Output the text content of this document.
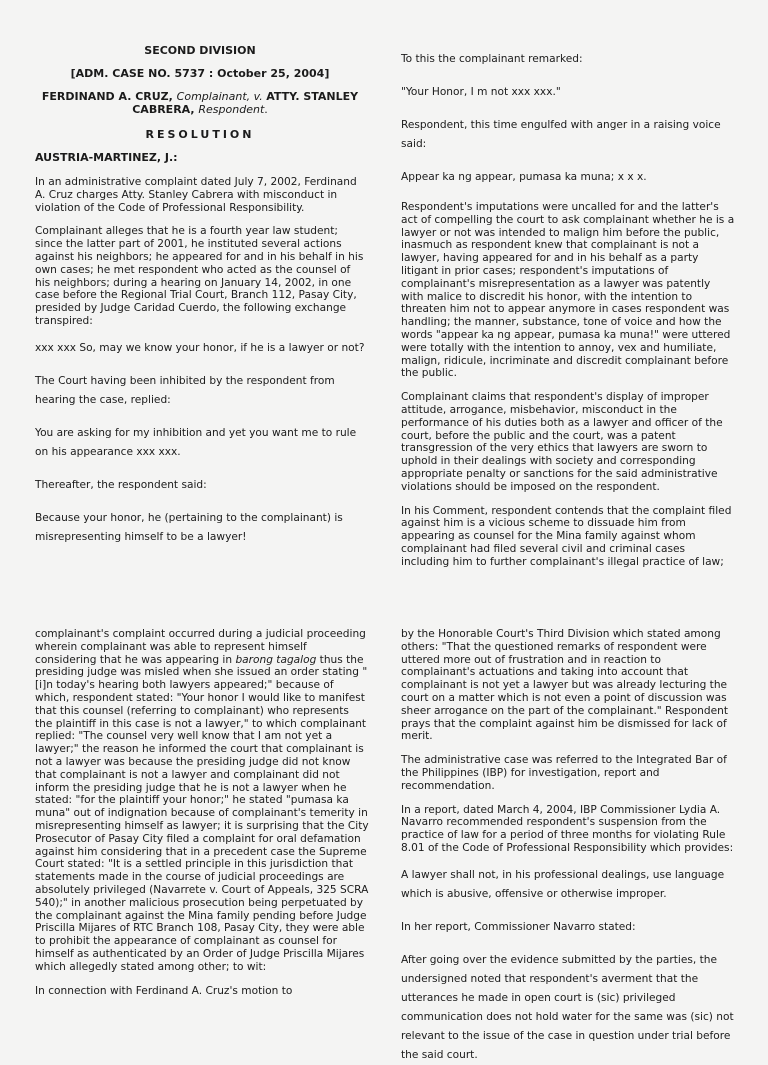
SECOND DIVISION
[ADM. CASE NO. 5737 : October 25, 2004]
FERDINAND A. CRUZ, Complainant, v. ATTY. STANLEY CABRERA, Respondent.
RESOLUTION
AUSTRIA-MARTINEZ, J.:

In an administrative complaint dated July 7, 2002, Ferdinand A. Cruz charges Atty. Stanley Cabrera with misconduct in violation of the Code of Professional Responsibility.

Complainant alleges that he is a fourth year law student; since the latter part of 2001, he instituted several actions against his neighbors; he appeared for and in his behalf in his own cases; he met respondent who acted as the counsel of his neighbors; during a hearing on January 14, 2002, in one case before the Regional Trial Court, Branch 112, Pasay City, presided by Judge Caridad Cuerdo, the following exchange transpired:

xxx xxx So, may we know your honor, if he is a lawyer or not?

The Court having been inhibited by the respondent from hearing the case, replied:

You are asking for my inhibition and yet you want me to rule on his appearance xxx xxx.

Thereafter, the respondent said:

Because your honor, he (pertaining to the complainant) is misrepresenting himself to be a lawyer!

To this the complainant remarked:

"Your Honor, I m not xxx xxx."

Respondent, this time engulfed with anger in a raising voice said:

Appear ka ng appear, pumasa ka muna; x x x.

Respondent's imputations were uncalled for and the latter's act of compelling the court to ask complainant whether he is a lawyer or not was intended to malign him before the public, inasmuch as respondent knew that complainant is not a lawyer, having appeared for and in his behalf as a party litigant in prior cases; respondent's imputations of complainant's misrepresentation as a lawyer was patently with malice to discredit his honor, with the intention to threaten him not to appear anymore in cases respondent was handling; the manner, substance, tone of voice and how the words "appear ka ng appear, pumasa ka muna!" were uttered were totally with the intention to annoy, vex and humiliate, malign, ridicule, incriminate and discredit complainant before the public.

Complainant claims that respondent's display of improper attitude, arrogance, misbehavior, misconduct in the performance of his duties both as a lawyer and officer of the court, before the public and the court, was a patent transgression of the very ethics that lawyers are sworn to uphold in their dealings with society and corresponding appropriate penalty or sanctions for the said administrative violations should be imposed on the respondent.

In his Comment, respondent contends that the complaint filed against him is a vicious scheme to dissuade him from appearing as counsel for the Mina family against whom complainant had filed several civil and criminal cases including him to further complainant's illegal practice of law;

complainant's complaint occurred during a judicial proceeding wherein complainant was able to represent himself considering that he was appearing in barong tagalog thus the presiding judge was misled when she issued an order stating "[i]n today's hearing both lawyers appeared;" because of which, respondent stated: "Your honor I would like to manifest that this counsel (referring to complainant) who represents the plaintiff in this case is not a lawyer," to which complainant replied: "The counsel very well know that I am not yet a lawyer;" the reason he informed the court that complainant is not a lawyer was because the presiding judge did not know that complainant is not a lawyer and complainant did not inform the presiding judge that he is not a lawyer when he stated: "for the plaintiff your honor;" he stated "pumasa ka muna" out of indignation because of complainant's temerity in misrepresenting himself as lawyer; it is surprising that the City Prosecutor of Pasay City filed a complaint for oral defamation against him considering that in a precedent case the Supreme Court stated: "It is a settled principle in this jurisdiction that statements made in the course of judicial proceedings are absolutely privileged (Navarrete v. Court of Appeals, 325 SCRA 540);" in another malicious prosecution being perpetuated by the complainant against the Mina family pending before Judge Priscilla Mijares of RTC Branch 108, Pasay City, they were able to prohibit the appearance of complainant as counsel for himself as authenticated by an Order of Judge Priscilla Mijares which allegedly stated among other; to wit:

In connection with Ferdinand A. Cruz's motion to

by the Honorable Court's Third Division which stated among others: "That the questioned remarks of respondent were uttered more out of frustration and in reaction to complainant's actuations and taking into account that complainant is not yet a lawyer but was already lecturing the court on a matter which is not even a point of discussion was sheer arrogance on the part of the complainant." Respondent prays that the complaint against him be dismissed for lack of merit.

The administrative case was referred to the Integrated Bar of the Philippines (IBP) for investigation, report and recommendation.

In a report, dated March 4, 2004, IBP Commissioner Lydia A. Navarro recommended respondent's suspension from the practice of law for a period of three months for violating Rule 8.01 of the Code of Professional Responsibility which provides:

A lawyer shall not, in his professional dealings, use language which is abusive, offensive or otherwise improper.

In her report, Commissioner Navarro stated:

After going over the evidence submitted by the parties, the undersigned noted that respondent's averment that the utterances he made in open court is (sic) privileged communication does not hold water for the same was (sic) not relevant to the issue of the case in question under trial before the said court.
